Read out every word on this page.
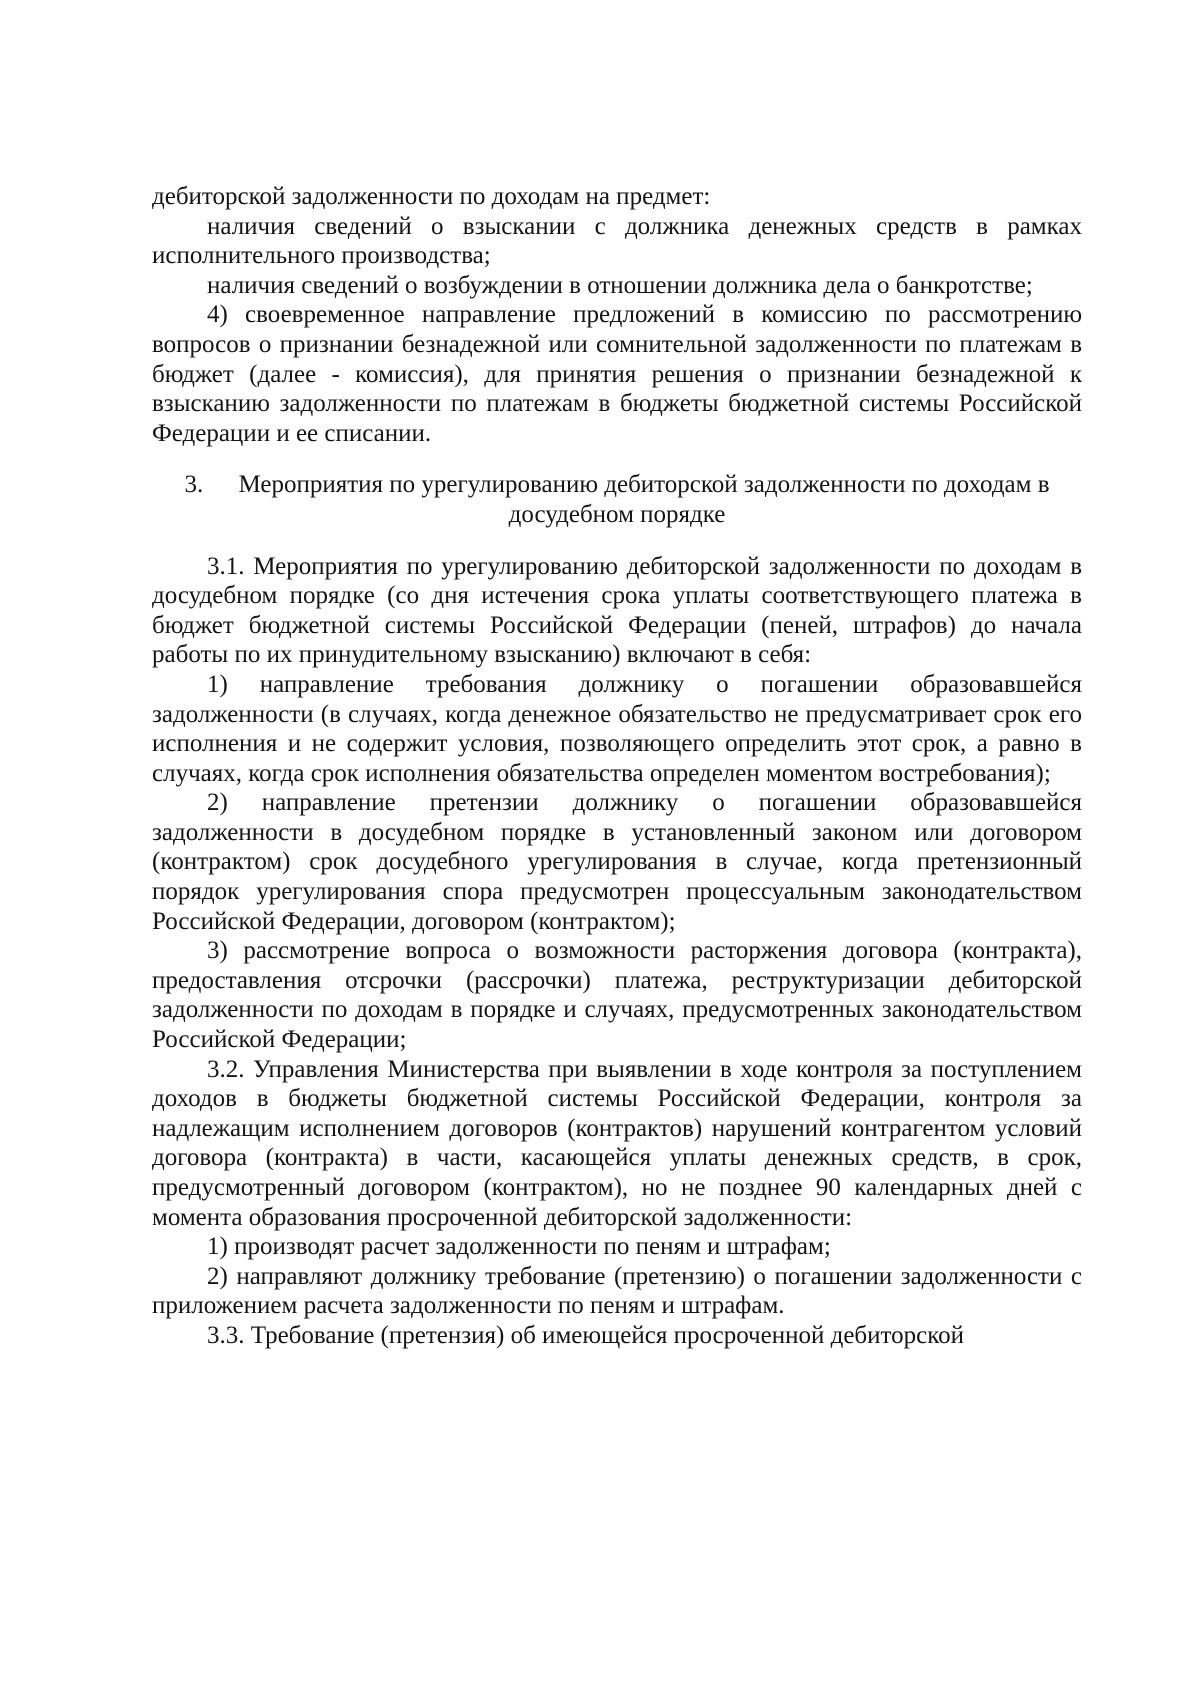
дебиторской задолженности по доходам на предмет:

наличия сведений о взыскании с должника денежных средств в рамках исполнительного производства;

наличия сведений о возбуждении в отношении должника дела о банкротстве;

4) своевременное направление предложений в комиссию по рассмотрению вопросов о признании безнадежной или сомнительной задолженности по платежам в бюджет (далее - комиссия), для принятия решения о признании безнадежной к взысканию задолженности по платежам в бюджеты бюджетной системы Российской Федерации и ее списании.

3. Мероприятия по урегулированию дебиторской задолженности по доходам в досудебном порядке

3.1. Мероприятия по урегулированию дебиторской задолженности по доходам в досудебном порядке (со дня истечения срока уплаты соответствующего платежа в бюджет бюджетной системы Российской Федерации (пеней, штрафов) до начала работы по их принудительному взысканию) включают в себя:

1) направление требования должнику о погашении образовавшейся задолженности (в случаях, когда денежное обязательство не предусматривает срок его исполнения и не содержит условия, позволяющего определить этот срок, а равно в случаях, когда срок исполнения обязательства определен моментом востребования);

2) направление претензии должнику о погашении образовавшейся задолженности в досудебном порядке в установленный законом или договором (контрактом) срок досудебного урегулирования в случае, когда претензионный порядок урегулирования спора предусмотрен процессуальным законодательством Российской Федерации, договором (контрактом);

3) рассмотрение вопроса о возможности расторжения договора (контракта), предоставления отсрочки (рассрочки) платежа, реструктуризации дебиторской задолженности по доходам в порядке и случаях, предусмотренных законодательством Российской Федерации;

3.2. Управления Министерства при выявлении в ходе контроля за поступлением доходов в бюджеты бюджетной системы Российской Федерации, контроля за надлежащим исполнением договоров (контрактов) нарушений контрагентом условий договора (контракта) в части, касающейся уплаты денежных средств, в срок, предусмотренный договором (контрактом), но не позднее 90 календарных дней с момента образования просроченной дебиторской задолженности:

1) производят расчет задолженности по пеням и штрафам;

2) направляют должнику требование (претензию) о погашении задолженности с приложением расчета задолженности по пеням и штрафам.

3.3. Требование (претензия) об имеющейся просроченной дебиторской
